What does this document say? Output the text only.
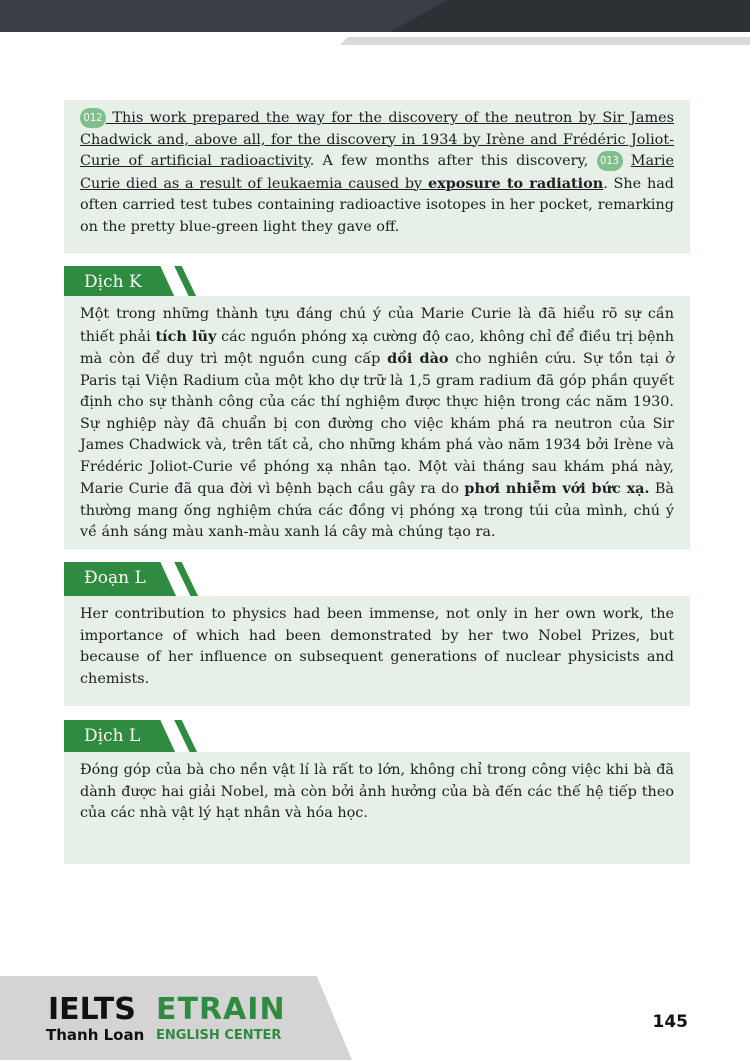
012 This work prepared the way for the discovery of the neutron by Sir James Chadwick and, above all, for the discovery in 1934 by Irène and Frédéric Joliot-Curie of artificial radioactivity. A few months after this discovery, 013 Marie Curie died as a result of leukaemia caused by exposure to radiation. She had often carried test tubes containing radioactive isotopes in her pocket, remarking on the pretty blue-green light they gave off.

Dịch K

Một trong những thành tựu đáng chú ý của Marie Curie là đã hiểu rõ sự cần thiết phải tích lũy các nguồn phóng xạ cường độ cao, không chỉ để điều trị bệnh mà còn để duy trì một nguồn cung cấp dồi dào cho nghiên cứu. Sự tồn tại ở Paris tại Viện Radium của một kho dự trữ là 1,5 gram radium đã góp phần quyết định cho sự thành công của các thí nghiệm được thực hiện trong các năm 1930. Sự nghiệp này đã chuẩn bị con đường cho việc khám phá ra neutron của Sir James Chadwick và, trên tất cả, cho những khám phá vào năm 1934 bởi Irène và Frédéric Joliot-Curie về phóng xạ nhân tạo. Một vài tháng sau khám phá này, Marie Curie đã qua đời vì bệnh bạch cầu gây ra do phơi nhiễm với bức xạ. Bà thường mang ống nghiệm chứa các đồng vị phóng xạ trong túi của mình, chú ý về ánh sáng màu xanh-màu xanh lá cây mà chúng tạo ra.

Đoạn L

Her contribution to physics had been immense, not only in her own work, the importance of which had been demonstrated by her two Nobel Prizes, but because of her influence on subsequent generations of nuclear physicists and chemists.

Dịch L

Đóng góp của bà cho nền vật lí là rất to lớn, không chỉ trong công việc khi bà đã dành được hai giải Nobel, mà còn bởi ảnh hưởng của bà đến các thế hệ tiếp theo của các nhà vật lý hạt nhân và hóa học.

IELTS
Thanh Loan
ETRAIN
ENGLISH CENTER
145
